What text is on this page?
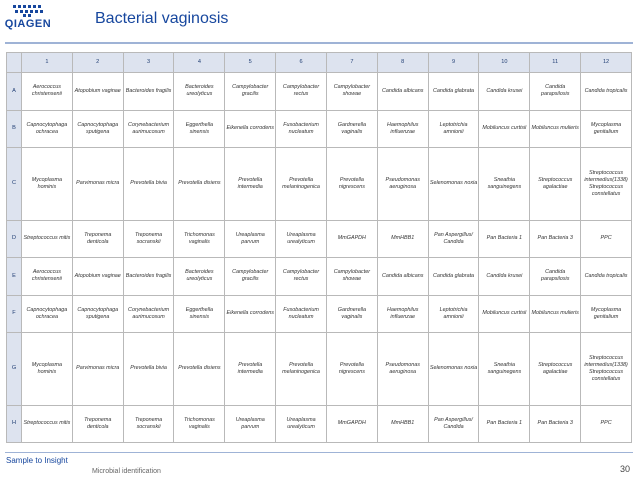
QIAGEN	Bacterial vaginosis
	1	2	3	4	5	6	7	8	9	10	11	12
A	Aerococcus christensenii	Atopobium vaginae	Bacteroides fragilis	Bacteroides ureolyticus	Campylobacter gracilis	Campylobacter rectus	Campylobacter showae	Candida albicans	Candida glabrata	Candida krusei	Candida parapsilosis	Candida tropicalis
B	Capnocytophaga ochracea	Capnocytophaga sputigena	Corynebacterium aurimucosum	Eggerthella sinensis	Eikenella corrodens	Fusobacterium nucleatum	Gardnerella vaginalis	Haemophilus influenzae	Leptotrichia amnionii	Mobiluncus curtisii	Mobiluncus mulieris	Mycoplasma genitalium
C	Mycoplasma hominis	Parvimonas micra	Prevotella bivia	Prevotella disiens	Prevotella intermedia	Prevotella melaninogenica	Prevotella nigrescens	Pseudomonas aeruginosa	Selenomonas noxia	Sneathia sanguinegens	Streptococcus agalactiae	Streptococcus intermedius(1338) Streptococcus constellatus
D	Streptococcus mitis	Treponema denticola	Treponema socranskii	Trichomonas vaginalis	Ureaplasma parvum	Ureaplasma urealyticum	MmGAPDH	MmHBB1	Pan Aspergillus/ Candida	Pan Bacteria 1	Pan Bacteria 3	PPC
E	Aerococcus christensenii	Atopobium vaginae	Bacteroides fragilis	Bacteroides ureolyticus	Campylobacter gracilis	Campylobacter rectus	Campylobacter showae	Candida albicans	Candida glabrata	Candida krusei	Candida parapsilosis	Candida tropicalis
F	Capnocytophaga ochracea	Capnocytophaga sputigena	Corynebacterium aurimucosum	Eggerthella sinensis	Eikenella corrodens	Fusobacterium nucleatum	Gardnerella vaginalis	Haemophilus influenzae	Leptotrichia amnionii	Mobiluncus curtisii	Mobiluncus mulieris	Mycoplasma genitalium
G	Mycoplasma hominis	Parvimonas micra	Prevotella bivia	Prevotella disiens	Prevotella intermedia	Prevotella melaninogenica	Prevotella nigrescens	Pseudomonas aeruginosa	Selenomonas noxia	Sneathia sanguinegens	Streptococcus agalactiae	Streptococcus intermedius(1338) Streptococcus constellatus
H	Streptococcus mitis	Treponema denticola	Treponema socranskii	Trichomonas vaginalis	Ureaplasma parvum	Ureaplasma urealyticum	MmGAPDH	MmHBB1	Pan Aspergillus/ Candida	Pan Bacteria 1	Pan Bacteria 3	PPC
Sample to Insight
Microbial identification	30
